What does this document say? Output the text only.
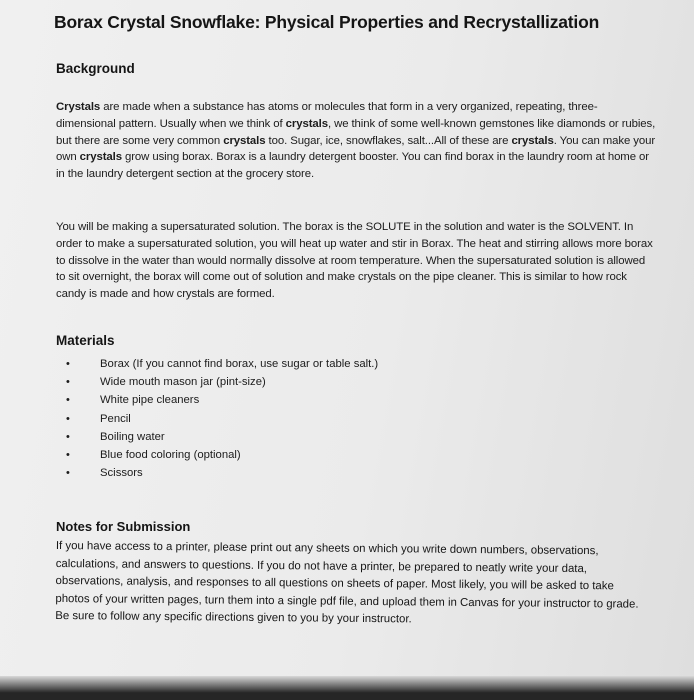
Borax Crystal Snowflake: Physical Properties and Recrystallization
Background
Crystals are made when a substance has atoms or molecules that form in a very organized, repeating, three-dimensional pattern. Usually when we think of crystals, we think of some well-known gemstones like diamonds or rubies, but there are some very common crystals too. Sugar, ice, snowflakes, salt...All of these are crystals. You can make your own crystals grow using borax. Borax is a laundry detergent booster. You can find borax in the laundry room at home or in the laundry detergent section at the grocery store.
You will be making a supersaturated solution. The borax is the SOLUTE in the solution and water is the SOLVENT. In order to make a supersaturated solution, you will heat up water and stir in Borax. The heat and stirring allows more borax to dissolve in the water than would normally dissolve at room temperature. When the supersaturated solution is allowed to sit overnight, the borax will come out of solution and make crystals on the pipe cleaner. This is similar to how rock candy is made and how crystals are formed.
Materials
•	Borax (If you cannot find borax, use sugar or table salt.)
•	Wide mouth mason jar (pint-size)
•	White pipe cleaners
•	Pencil
•	Boiling water
•	Blue food coloring (optional)
•	Scissors
Notes for Submission
If you have access to a printer, please print out any sheets on which you write down numbers, observations, calculations, and answers to questions. If you do not have a printer, be prepared to neatly write your data, observations, analysis, and responses to all questions on sheets of paper. Most likely, you will be asked to take photos of your written pages, turn them into a single pdf file, and upload them in Canvas for your instructor to grade. Be sure to follow any specific directions given to you by your instructor.
